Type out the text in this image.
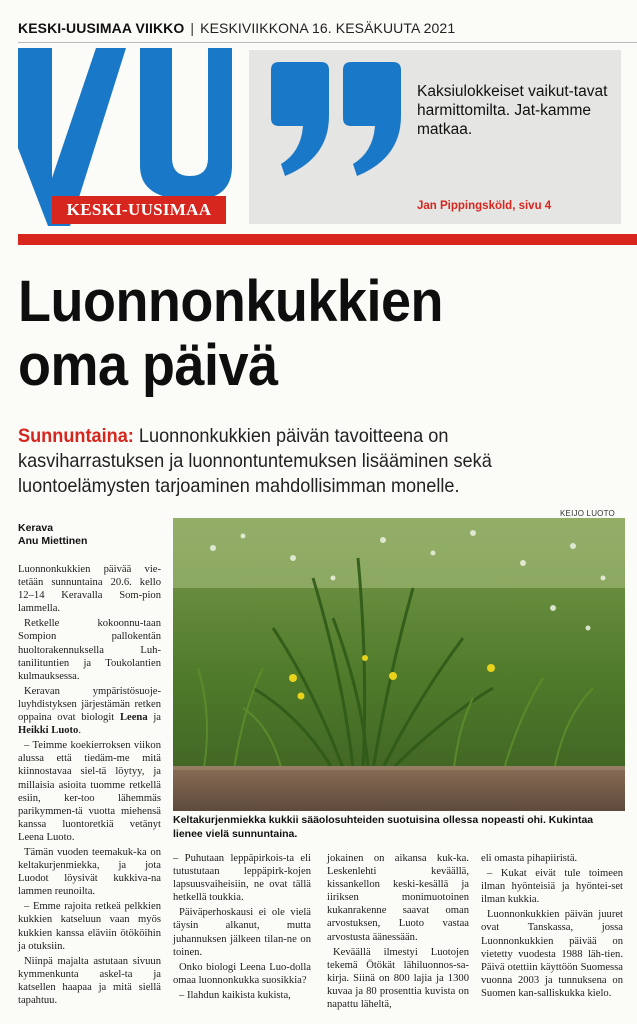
KESKI-UUSIMAA VIIKKO | KESKIVIIKKONA 16. KESÄKUUTA 2021
KESKI-UUSIMAA
Kaksiulokkeiset vaikut-tavat harmittomilta. Jat-kamme matkaa.
Jan Pippingsköld, sivu 4
Luonnonkukkien
oma päivä

Sunnuntaina: Luonnonkukkien päivän tavoitteena on kasviharrastuksen ja luonnontuntemuksen lisääminen sekä luontoelämysten tarjoaminen mahdollisimman monelle.

Kerava
Anu Miettinen
KEIJO LUOTO
Keltakurjenmiekka kukkii sääolosuhteiden suotuisina ollessa nopeasti ohi. Kukintaa lienee vielä sunnuntaina.

Luonnonkukkien päivää vie-tetään sunnuntaina 20.6. kello 12–14 Keravalla Som-pion lammella.

Retkelle kokoonnu-taan Sompion pallokentän huoltorakennuksella Luh-tanilituntien ja Toukolantien kulmauksessa.

Keravan ympäristösuoje-luyhdistyksen järjestämän retken oppaina ovat biologit Leena ja Heikki Luoto.

– Teimme koekierroksen viikon alussa että tiedäm-me mitä kiinnostavaa siel-tä löytyy, ja millaisia asioita tuomme retkellä esiin, ker-too lähemmäs parikymmen-tä vuotta miehensä kanssa luontoretkiä vetänyt Leena Luoto.

Tämän vuoden teemakuk-ka on keltakurjenmiekka, ja jota Luodot löysivät kukkiva-na lammen reunoilta.

– Emme rajoita retkeä pelkkien kukkien katseluun vaan myös kukkien kanssa eläviin ötököihin ja otuksiin.

Niinpä majalta astutaan sivuun kymmenkunta askel-ta ja katsellen haapaa ja mitä siellä tapahtuu.

– Puhutaan leppäpirkois-ta eli tutustutaan leppäpirk-kojen lapsuusvaiheisiin, ne ovat tällä hetkellä toukkia.

Päiväperhoskausi ei ole vielä täysin alkanut, mutta juhannuksen jälkeen tilan-ne on toinen.

Onko biologi Leena Luo-dolla omaa luonnonkukka suosikkia?

– Ilahdun kaikista kukista,

jokainen on aikansa kuk-ka. Leskenlehti keväällä, kissankellon keski-kesällä ja iiriksen monimuotoinen kukanrakenne saavat oman arvostuksen, Luoto vastaa arvostusta äänessään.

Keväällä ilmestyi Luotojen tekemä Ötökät lähiluonnos-sa- kirja. Siinä on 800 lajia ja 1300 kuvaa ja 80 prosenttia kuvista on napattu läheltä,

eli omasta pihapiiristä.

– Kukat eivät tule toimeen ilman hyönteisiä ja hyöntei-set ilman kukkia.

Luonnonkukkien päivän juuret ovat Tanskassa, jossa Luonnonkukkien päivää on vietetty vuodesta 1988 läh-tien. Päivä otettiin käyttöön Suomessa vuonna 2003 ja tunnuksena on Suomen kan-salliskukka kielo.
